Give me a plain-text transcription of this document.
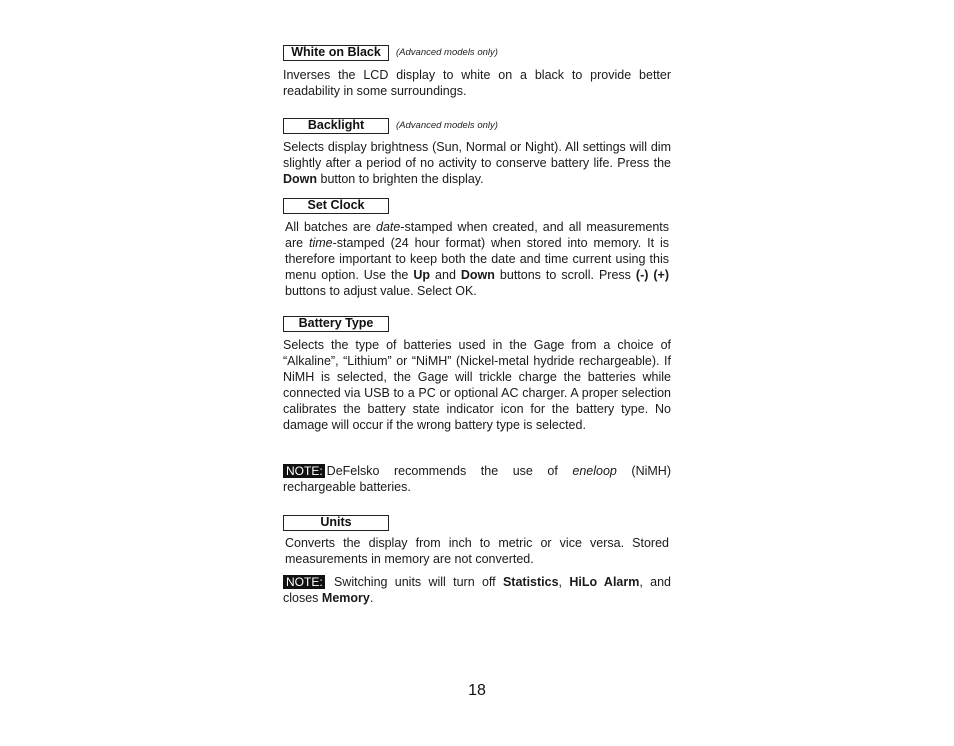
White on Black	(Advanced models only)

Inverses the LCD display to white on a black to provide better readability in some surroundings.

Backlight	(Advanced models only)

Selects display brightness (Sun, Normal or Night). All settings will dim slightly after a period of no activity to conserve battery life. Press the Down button to brighten the display.

Set Clock

All batches are date-stamped when created, and all measurements are time-stamped (24 hour format) when stored into memory. It is therefore important to keep both the date and time current using this menu option. Use the Up and Down buttons to scroll. Press (-) (+) buttons to adjust value. Select OK.

Battery Type

Selects the type of batteries used in the Gage from a choice of “Alkaline”, “Lithium” or “NiMH” (Nickel-metal hydride rechargeable). If NiMH is selected, the Gage will trickle charge the batteries while connected via USB to a PC or optional AC charger. A proper selection calibrates the battery state indicator icon for the battery type. No damage will occur if the wrong battery type is selected.

NOTE: DeFelsko recommends the use of eneloop (NiMH) rechargeable batteries.

Units

Converts the display from inch to metric or vice versa. Stored measurements in memory are not converted.

NOTE: Switching units will turn off Statistics, HiLo Alarm, and closes Memory.

18
